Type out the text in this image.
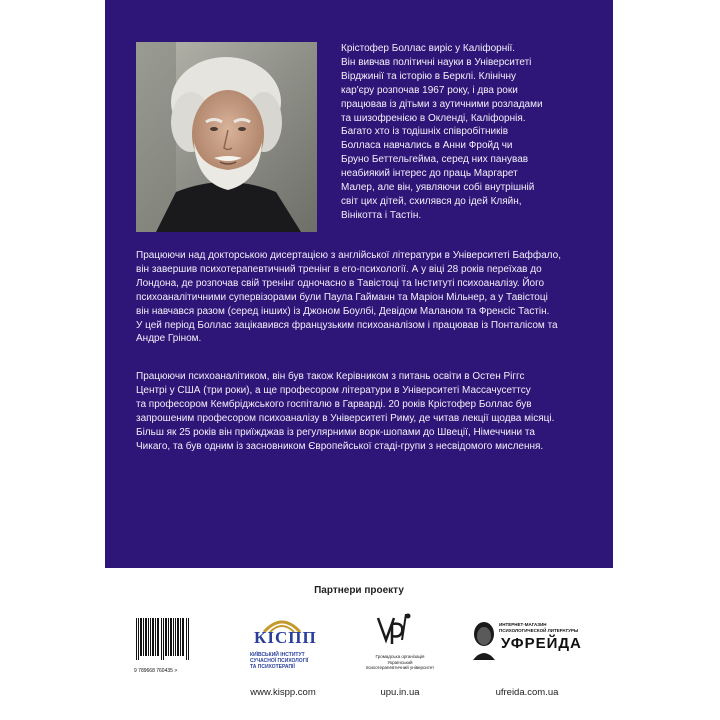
Крістофер Боллас виріс у Каліфорнії.
Він вивчав політичні науки в Університеті
Вірджинії та історію в Берклі. Клінічну
кар'єру розпочав 1967 року, і два роки
працював із дітьми з аутичними розладами
та шизофренією в Окленді, Каліфорнія.
Багато хто із тодішніх співробітників
Болласа навчались в Анни Фройд чи
Бруно Беттельгейма, серед них панував
неабиякий інтерес до праць Маргарет
Малер, але він, уявляючи собі внутрішній
світ цих дітей, схилявся до ідей Кляйн,
Вінікотта і Тастін.

Працюючи над докторською дисертацією з англійської літератури в Університеті Баффало,
він завершив психотерапевтичний тренінг в его-психології. А у віці 28 років переїхав до
Лондона, де розпочав свій тренінг одночасно в Тавістоці та Інституті психоаналізу. Його
психоаналітичними супервізорами були Паула Гайманн та Маріон Мільнер, а у Тавістоці
він навчався разом (серед інших) із Джоном Боулбі, Девідом Маланом та Френсіс Тастін.
У цей період Боллас зацікавився французьким психоаналізом і працював із Понталісом та
Андре Гріном.

Працюючи психоаналітиком, він був також Керівником з питань освіти в Остен Ріггс
Центрі у США (три роки), а ще професором літератури в Університеті Массачусеттсу
та професором Кембріджського госпіталю в Гарварді. 20 років Крістофер Боллас був
запрошеним професором психоаналізу в Університеті Риму, де читав лекції щодва місяці.
Більш як 25 років він приїжджав із регулярними ворк-шопами до Швеції, Німеччини та
Чикаго, та був одним із засновником Європейської стаді-групи з несвідомого мислення.

Партнери проекту
9 789668 760435 >
КІСПП
КИЇВСЬКИЙ ІНСТИТУТ
СУЧАСНОЇ ПСИХОЛОГІЇ
ТА ПСИХОТЕРАПІЇ
www.kispp.com
Громадська організація
Український
психотерапевтичний університет
upu.in.ua
ИНТЕРНЕТ-МАГАЗИН
ПСИХОЛОГИЧЕСКОЙ ЛИТЕРАТУРЫ
УФРЕЙДА
ufreida.com.ua
